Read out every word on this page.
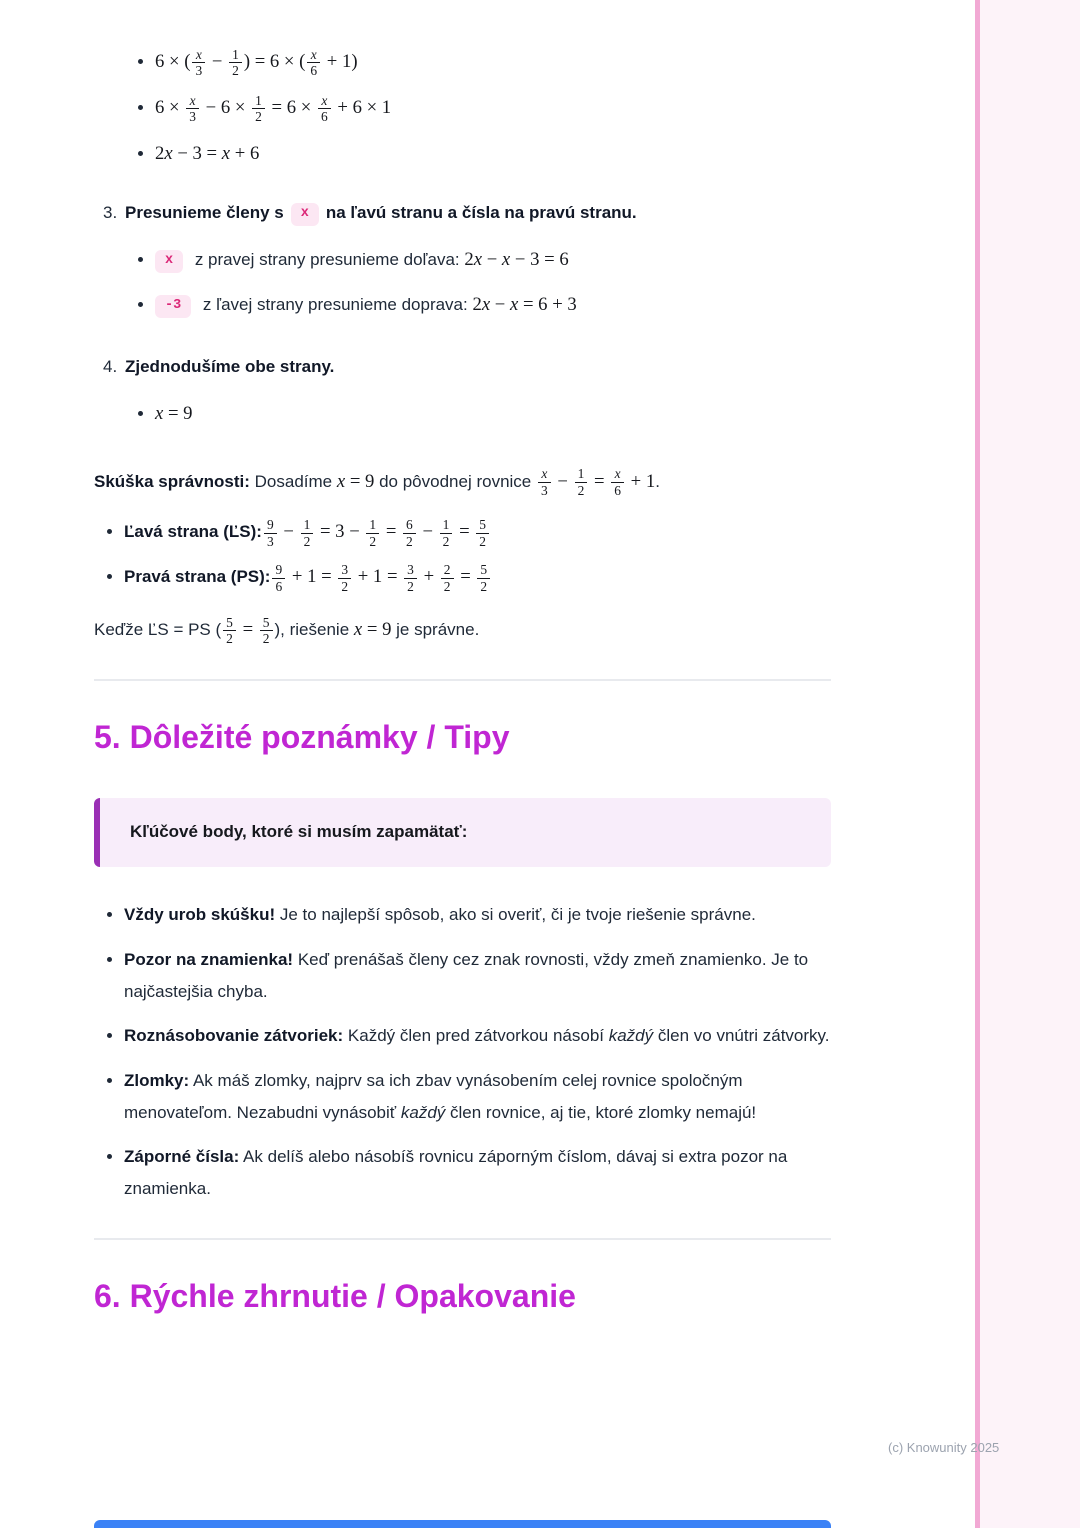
• 6 × ( $\frac{x}{3} - \frac{1}{2}$ ) = 6 × ( $\frac{x}{6} + 1$)
• $6 \times \frac{x}{3} - 6 \times \frac{1}{2} = 6 \times \frac{x}{6} + 6 \times 1$
• 2x − 3 = x + 6
3. Presunieme členy s x na ľavú stranu a čísla na pravú stranu.
• x z pravej strany presunieme doľava: 2x − x − 3 = 6
• -3 z ľavej strany presunieme doprava: 2x − x = 6 + 3
4. Zjednodušíme obe strany.
• x = 9

Skúška správnosti: Dosadíme x = 9 do pôvodnej rovnice $\frac{x}{3} - \frac{1}{2} = \frac{x}{6} + 1$.

• Ľavá strana (ĽS): $\frac{9}{3} - \frac{1}{2} = 3 - \frac{1}{2} = \frac{6}{2} - \frac{1}{2} = \frac{5}{2}$
• Pravá strana (PS): $\frac{9}{6} + 1 = \frac{3}{2} + 1 = \frac{3}{2} + \frac{2}{2} = \frac{5}{2}$

Keďže ĽS = PS ( $\frac{5}{2} = \frac{5}{2}$ ), riešenie x = 9 je správne.

5. Dôležité poznámky / Tipy
Kľúčové body, ktoré si musím zapamätať:
• Vždy urob skúšku! Je to najlepší spôsob, ako si overiť, či je tvoje riešenie správne.
• Pozor na znamienka! Keď prenášaš členy cez znak rovnosti, vždy zmeň znamienko. Je to najčastejšia chyba.
• Roznásobovanie zátvoriek: Každý člen pred zátvorkou násobí každý člen vo vnútri zátvorky.
• Zlomky: Ak máš zlomky, najprv sa ich zbav vynásobením celej rovnice spoločným menovateľom. Nezabudni vynásobiť každý člen rovnice, aj tie, ktoré zlomky nemajú!
• Záporné čísla: Ak delíš alebo násobíš rovnicu záporným číslom, dávaj si extra pozor na znamienka.
6. Rýchle zhrnutie / Opakovanie
(c) Knowunity 2025
